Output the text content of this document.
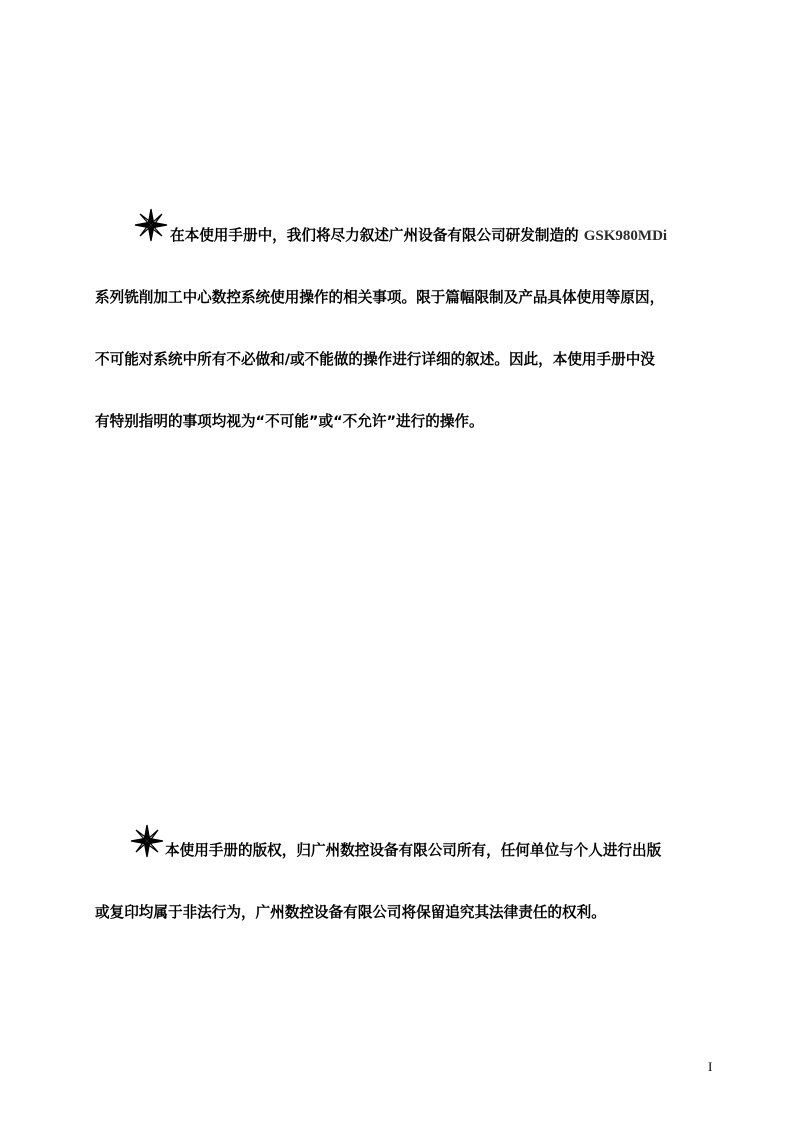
在本使用手册中，我们将尽力叙述广州设备有限公司研发制造的 GSK980MDi
系列铣削加工中心数控系统使用操作的相关事项。限于篇幅限制及产品具体使用等原因，
不可能对系统中所有不必做和/或不能做的操作进行详细的叙述。因此，本使用手册中没
有特别指明的事项均视为“不可能”或“不允许”进行的操作。
本使用手册的版权，归广州数控设备有限公司所有，任何单位与个人进行出版
或复印均属于非法行为，广州数控设备有限公司将保留追究其法律责任的权利。
I
